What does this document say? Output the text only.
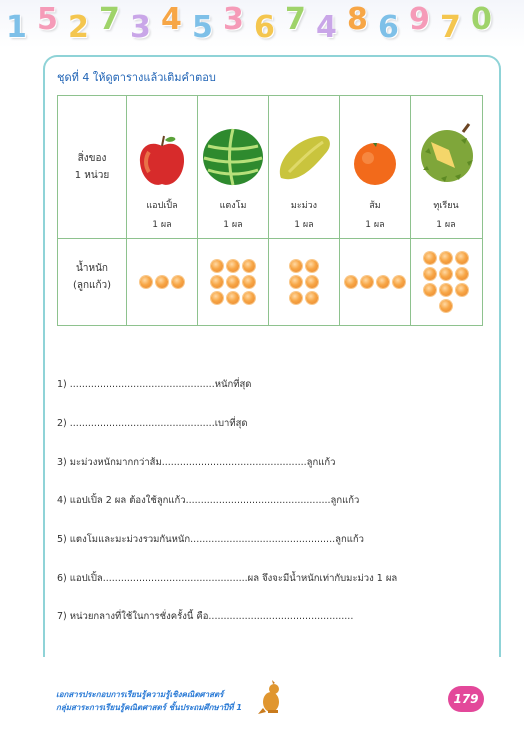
1 5 2 7 3 4 5 3 6 7 4 8 6 9 7 0
ชุดที่ 4 ให้ดูตารางแล้วเติมคำตอบ
สิ่งของ
1 หน่วย
น้ำหนัก
(ลูกแก้ว)
แอปเปิ้ล
1 ผล
แตงโม
1 ผล
มะม่วง
1 ผล
ส้ม
1 ผล
ทุเรียน
1 ผล
1) ................................................หนักที่สุด
2) ................................................เบาที่สุด
3) มะม่วงหนักมากกว่าส้ม................................................ลูกแก้ว
4) แอปเปิ้ล 2 ผล ต้องใช้ลูกแก้ว................................................ลูกแก้ว
5) แตงโมและมะม่วงรวมกันหนัก................................................ลูกแก้ว
6) แอปเปิ้ล................................................ผล จึงจะมีน้ำหนักเท่ากับมะม่วง 1 ผล
7) หน่วยกลางที่ใช้ในการชั่งครั้งนี้ คือ................................................
เอกสารประกอบการเรียนรู้ความรู้เชิงคณิตศาสตร์
กลุ่มสาระการเรียนรู้คณิตศาสตร์ ชั้นประถมศึกษาปีที่ 1
179
